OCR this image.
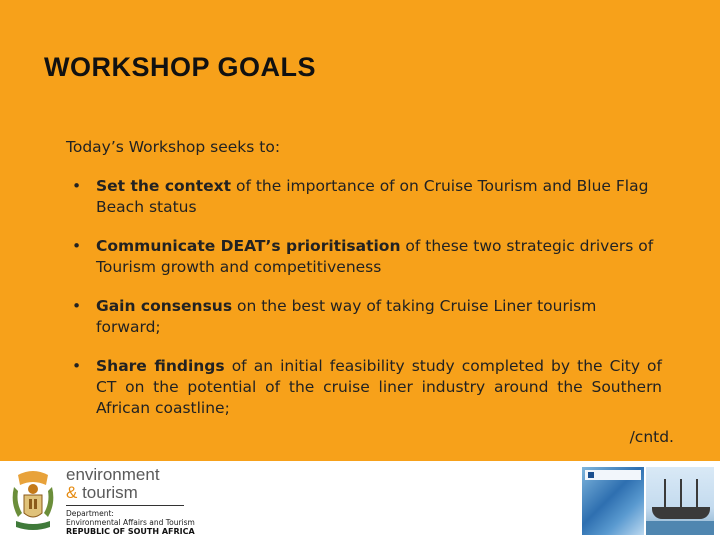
WORKSHOP GOALS
Today’s Workshop seeks to:
• Set the context of the importance of on Cruise Tourism and Blue Flag Beach status
• Communicate DEAT’s prioritisation of these two strategic drivers of Tourism growth and competitiveness
• Gain consensus on the best way of taking Cruise Liner tourism forward;
• Share findings of an initial feasibility study completed by the City of CT on the potential of the cruise liner industry around the Southern African coastline;
/cntd.
environment
& tourism
Department:
Environmental Affairs and Tourism
REPUBLIC OF SOUTH AFRICA
